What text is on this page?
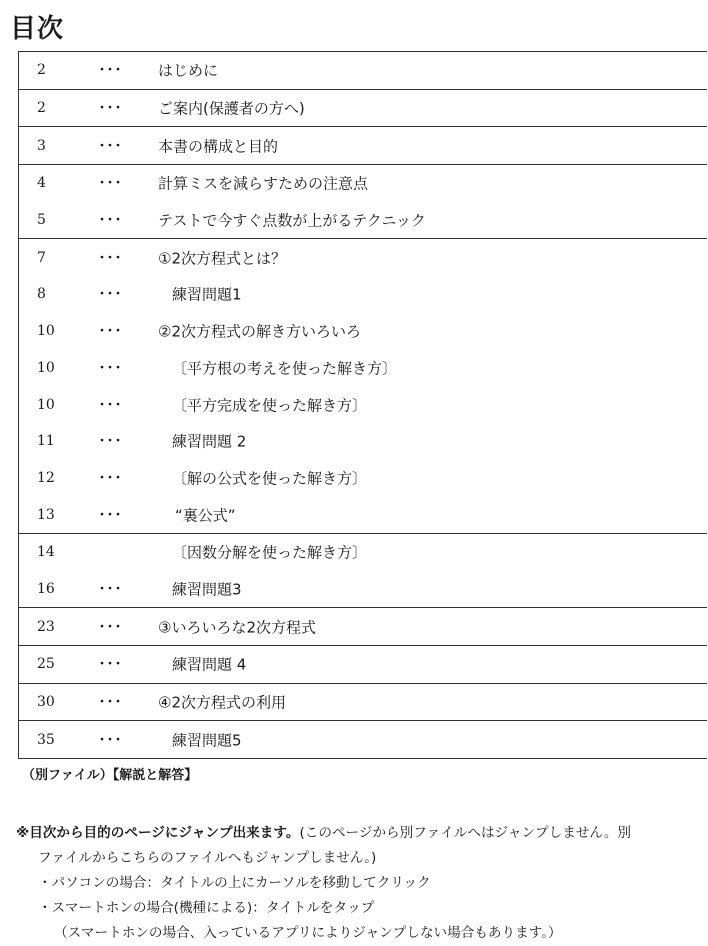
目次
2	･･･ はじめに
2	･･･ ご案内(保護者の方へ)
3	･･･ 本書の構成と目的
4	･･･ 計算ミスを減らすための注意点
5	･･･ テストで今すぐ点数が上がるテクニック
7	･･･ ①2次方程式とは？
8	･･･	練習問題1
10	･･･ ②2次方程式の解き方いろいろ
10	･･･	〔平方根の考えを使った解き方〕
10	･･･	〔平方完成を使った解き方〕
11	･･･	練習問題 2
12	･･･	〔解の公式を使った解き方〕
13	･･･	“裏公式”
14	〔因数分解を使った解き方〕
16	･･･	練習問題3
23	･･･ ③いろいろな2次方程式
25	･･･	練習問題 4
30	･･･ ④2次方程式の利用
35	･･･	練習問題5
（別ファイル）【解説と解答】
※目次から目的のページにジャンプ出来ます。(このページから別ファイルへはジャンプしません。別
ファイルからこちらのファイルへもジャンプしません。)
・パソコンの場合：タイトルの上にカーソルを移動してクリック
・スマートホンの場合(機種による)：タイトルをタップ
（スマートホンの場合、入っているアプリによりジャンプしない場合もあります。）
